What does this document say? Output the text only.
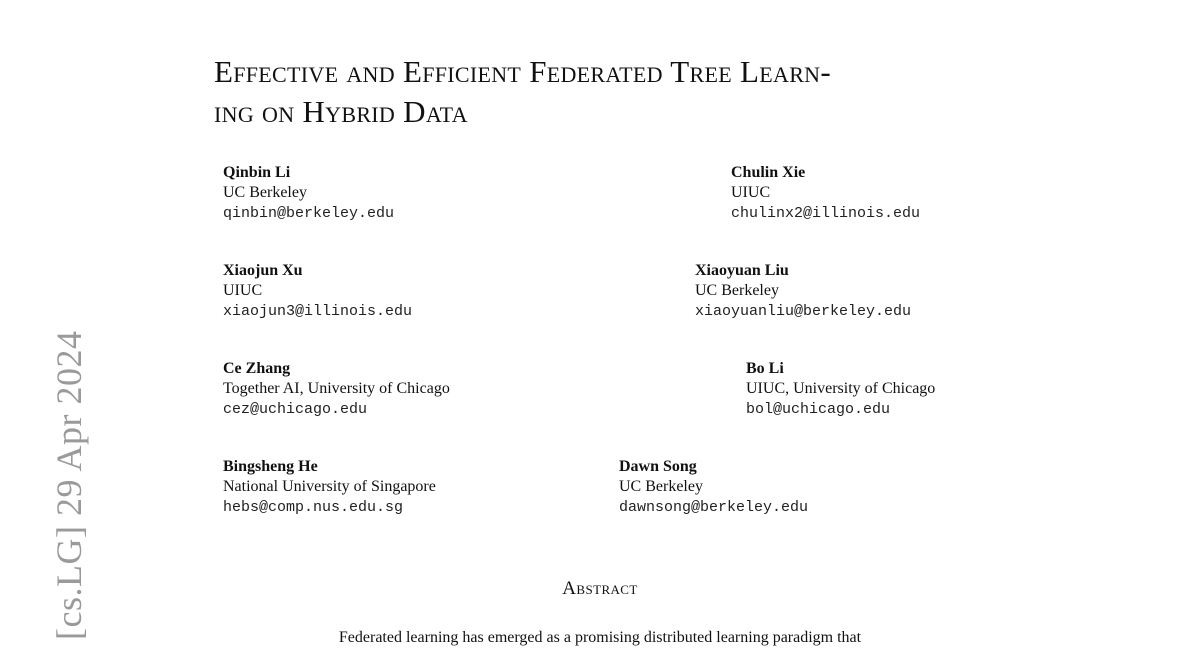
[cs.LG] 29 Apr 2024
Effective and Efficient Federated Tree Learn-
ing on Hybrid Data
Qinbin Li
UC Berkeley
qinbin@berkeley.edu
Chulin Xie
UIUC
chulinx2@illinois.edu
Xiaojun Xu
UIUC
xiaojun3@illinois.edu
Xiaoyuan Liu
UC Berkeley
xiaoyuanliu@berkeley.edu
Ce Zhang
Together AI, University of Chicago
cez@uchicago.edu
Bo Li
UIUC, University of Chicago
bol@uchicago.edu
Bingsheng He
National University of Singapore
hebs@comp.nus.edu.sg
Dawn Song
UC Berkeley
dawnsong@berkeley.edu
Abstract
Federated learning has emerged as a promising distributed learning paradigm that
